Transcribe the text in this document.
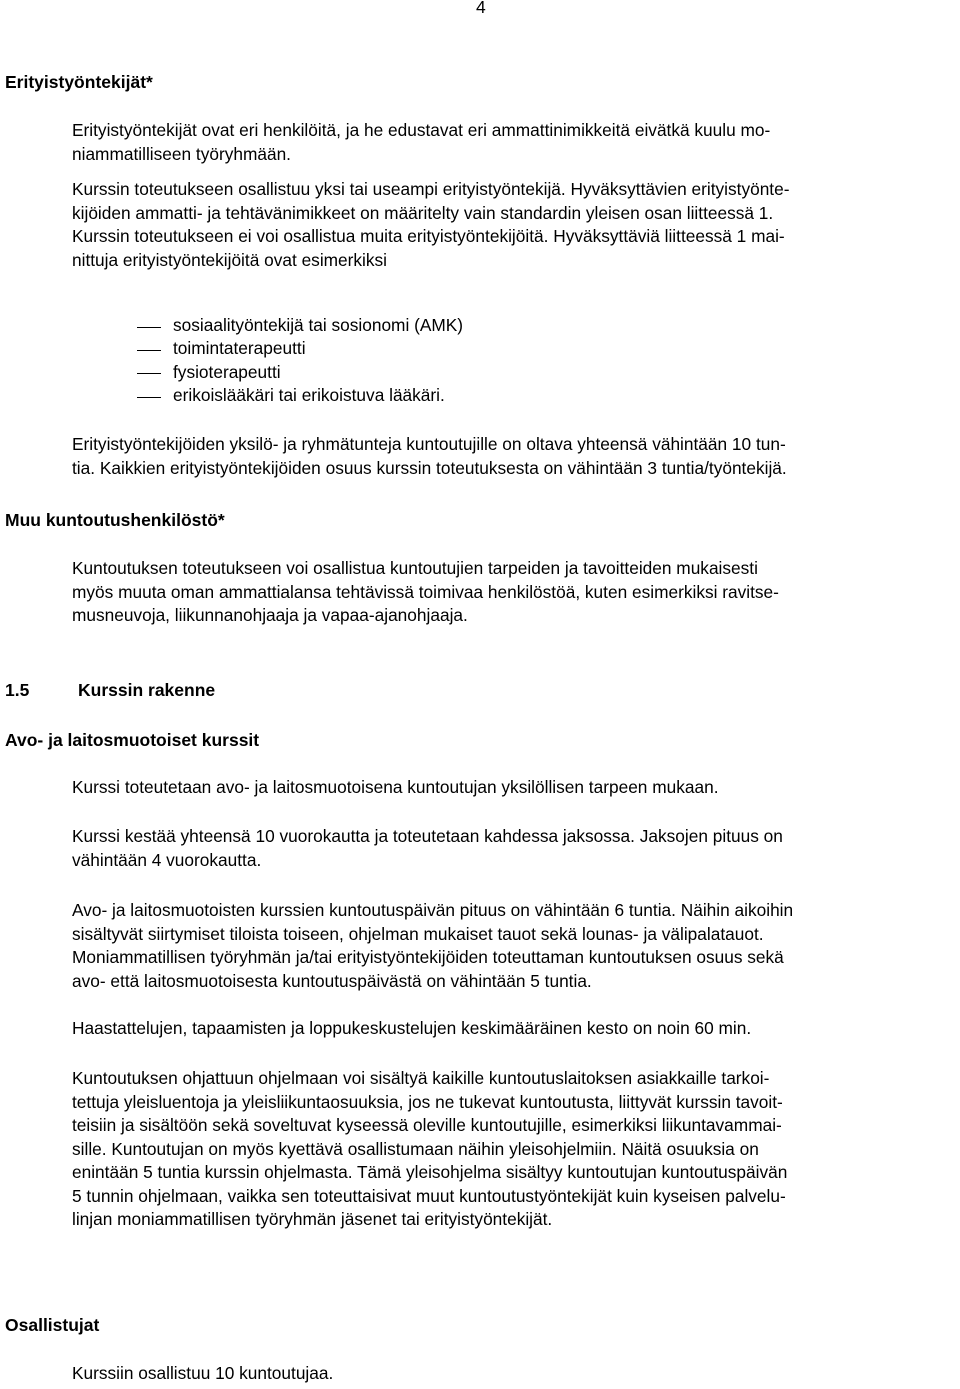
4
Erityistyöntekijät*
Erityistyöntekijät ovat eri henkilöitä, ja he edustavat eri ammattinimikkeitä eivätkä kuulu mo-
niammatilliseen työryhmään.
Kurssin toteutukseen osallistuu yksi tai useampi erityistyöntekijä. Hyväksyttävien erityistyönte-
kijöiden ammatti- ja tehtävänimikkeet on määritelty vain standardin yleisen osan liitteessä 1.
Kurssin toteutukseen ei voi osallistua muita erityistyöntekijöitä. Hyväksyttäviä liitteessä 1 mai-
nittuja erityistyöntekijöitä ovat esimerkiksi
sosiaalityöntekijä tai sosionomi (AMK)
toimintaterapeutti
fysioterapeutti
erikoislääkäri tai erikoistuva lääkäri.
Erityistyöntekijöiden yksilö- ja ryhmätunteja kuntoutujille on oltava yhteensä vähintään 10 tun-
tia. Kaikkien erityistyöntekijöiden osuus kurssin toteutuksesta on vähintään 3 tuntia/työntekijä.
Muu kuntoutushenkilöstö*
Kuntoutuksen toteutukseen voi osallistua kuntoutujien tarpeiden ja tavoitteiden mukaisesti
myös muuta oman ammattialansa tehtävissä toimivaa henkilöstöä, kuten esimerkiksi ravitse-
musneuvoja, liikunnanohjaaja ja vapaa-ajanohjaaja.
1.5	Kurssin rakenne
Avo- ja laitosmuotoiset kurssit
Kurssi toteutetaan avo- ja laitosmuotoisena kuntoutujan yksilöllisen tarpeen mukaan.
Kurssi kestää yhteensä 10 vuorokautta ja toteutetaan kahdessa jaksossa. Jaksojen pituus on
vähintään 4 vuorokautta.
Avo- ja laitosmuotoisten kurssien kuntoutuspäivän pituus on vähintään 6 tuntia. Näihin aikoihin
sisältyvät siirtymiset tiloista toiseen, ohjelman mukaiset tauot sekä lounas- ja välipalatauot.
Moniammatillisen työryhmän ja/tai erityistyöntekijöiden toteuttaman kuntoutuksen osuus sekä
avo- että laitosmuotoisesta kuntoutuspäivästä on vähintään 5 tuntia.
Haastattelujen, tapaamisten ja loppukeskustelujen keskimääräinen kesto on noin 60 min.
Kuntoutuksen ohjattuun ohjelmaan voi sisältyä kaikille kuntoutuslaitoksen asiakkaille tarkoi-
tettuja yleisluentoja ja yleisliikuntaosuuksia, jos ne tukevat kuntoutusta, liittyvät kurssin tavoit-
teisiin ja sisältöön sekä soveltuvat kyseessä oleville kuntoutujille, esimerkiksi liikuntavammai-
sille. Kuntoutujan on myös kyettävä osallistumaan näihin yleisohjelmiin. Näitä osuuksia on
enintään 5 tuntia kurssin ohjelmasta. Tämä yleisohjelma sisältyy kuntoutujan kuntoutuspäivän
5 tunnin ohjelmaan, vaikka sen toteuttaisivat muut kuntoutustyöntekijät kuin kyseisen palvelu-
linjan moniammatillisen työryhmän jäsenet tai erityistyöntekijät.
Osallistujat
Kurssiin osallistuu 10 kuntoutujaa.
